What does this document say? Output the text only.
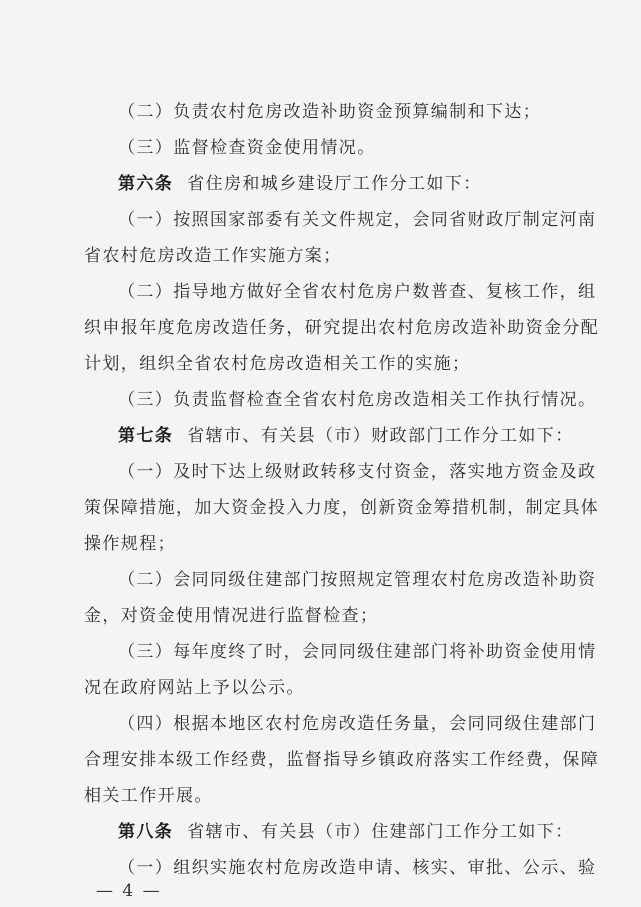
（二）负责农村危房改造补助资金预算编制和下达；
（三）监督检查资金使用情况。
第六条 省住房和城乡建设厅工作分工如下：
（一）按照国家部委有关文件规定，会同省财政厅制定河南
省农村危房改造工作实施方案；
（二）指导地方做好全省农村危房户数普查、复核工作，组
织申报年度危房改造任务，研究提出农村危房改造补助资金分配
计划，组织全省农村危房改造相关工作的实施；
（三）负责监督检查全省农村危房改造相关工作执行情况。
第七条 省辖市、有关县（市）财政部门工作分工如下：
（一）及时下达上级财政转移支付资金，落实地方资金及政
策保障措施，加大资金投入力度，创新资金筹措机制，制定具体
操作规程；
（二）会同同级住建部门按照规定管理农村危房改造补助资
金，对资金使用情况进行监督检查；
（三）每年度终了时，会同同级住建部门将补助资金使用情
况在政府网站上予以公示。
（四）根据本地区农村危房改造任务量，会同同级住建部门
合理安排本级工作经费，监督指导乡镇政府落实工作经费，保障
相关工作开展。
第八条 省辖市、有关县（市）住建部门工作分工如下：
（一）组织实施农村危房改造申请、核实、审批、公示、验
— 4 —
